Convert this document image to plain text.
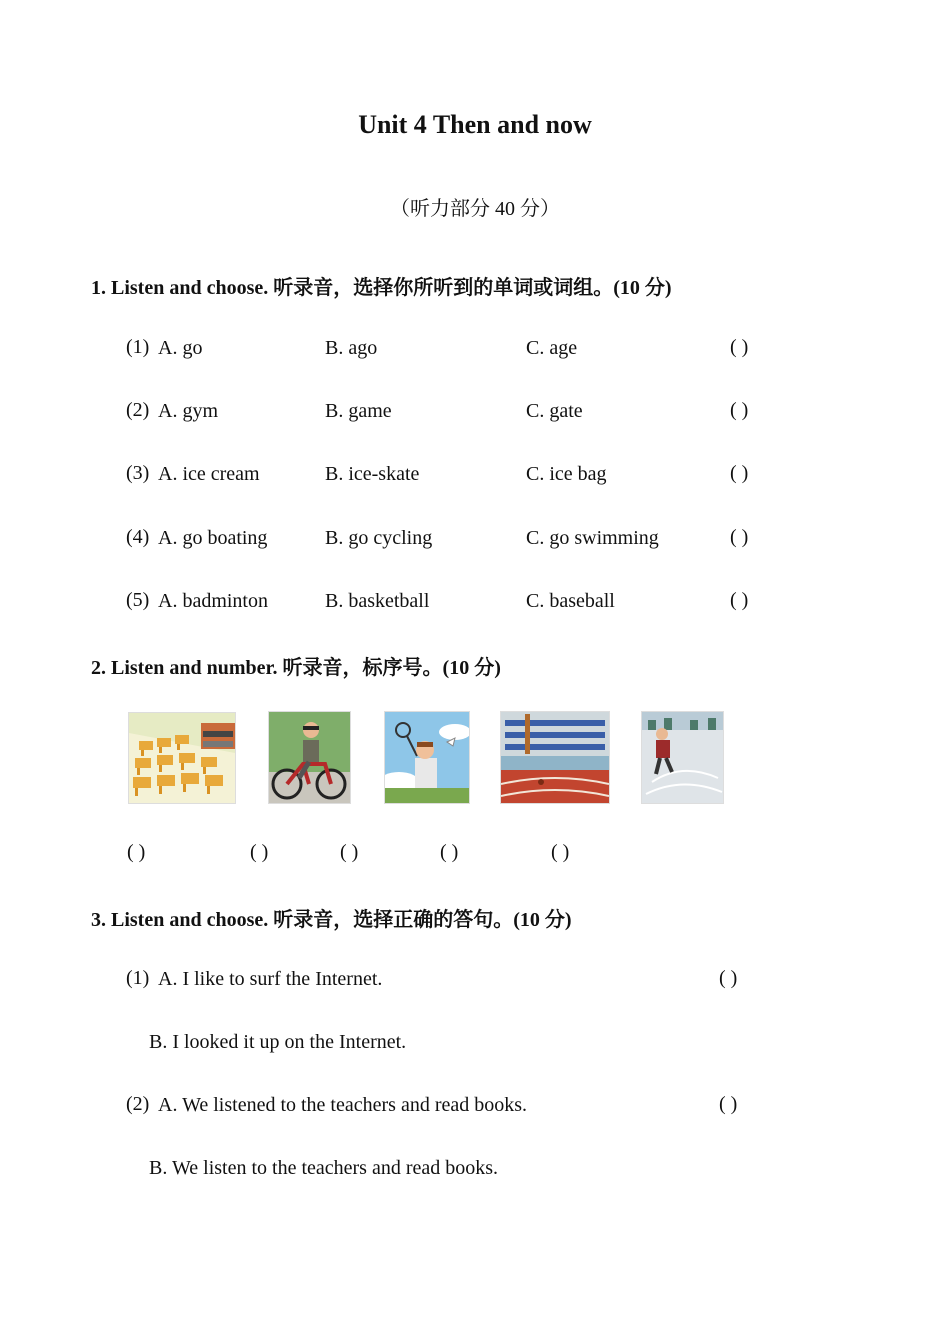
Unit 4 Then and now
（听力部分 40 分）
1. Listen and choose. 听录音，选择你所听到的单词或词组。(10 分)
(1) A. go	B. ago	C. age	( )
(2) A. gym	B. game	C. gate	( )
(3) A. ice cream	B. ice-skate	C. ice bag	( )
(4) A. go boating	B. go cycling	C. go swimming	( )
(5) A. badminton	B. basketball	C. baseball	( )
2. Listen and number. 听录音，标序号。(10 分)
( )	( )	( )	( )	( )
3. Listen and choose. 听录音，选择正确的答句。(10 分)
(1) A. I like to surf the Internet.	( )
B. I looked it up on the Internet.
(2) A. We listened to the teachers and read books.	( )
B. We listen to the teachers and read books.
